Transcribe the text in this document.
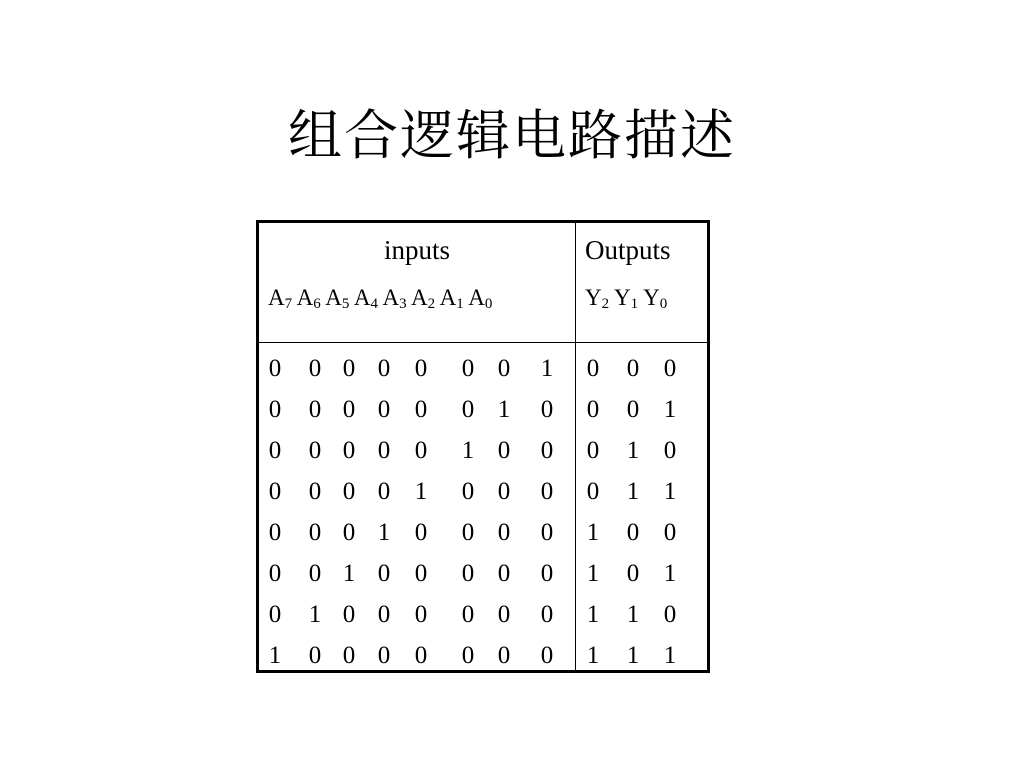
组合逻辑电路描述
inputs	Outputs
$A_7$ $A_6$ $A_5$ $A_4$ $A_3$ $A_2$ $A_1$ $A_0$	$Y_2$ $Y_1$ $Y_0$
0 0 0 0 0 0 0 1 0 0 0
0 0 0 0 0 0 1 0 0 0 1
0 0 0 0 0 1 0 0 0 1 0
0 0 0 0 1 0 0 0 0 1 1
0 0 0 1 0 0 0 0 1 0 0
0 0 1 0 0 0 0 0 1 0 1
0 1 0 0 0 0 0 0 1 1 0
1 0 0 0 0 0 0 0 1 1 1
